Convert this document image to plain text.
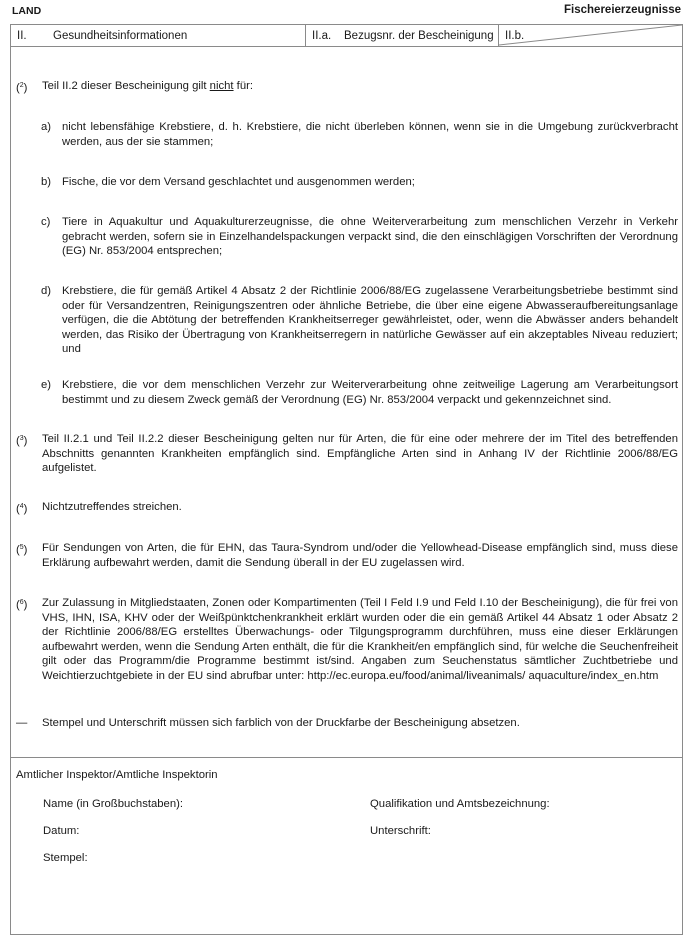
LAND	Fischereierzeugnisse
II.	Gesundheitsinformationen	II.a.	Bezugsnr. der Bescheinigung II.b.
($^2$)	Teil II.2 dieser Bescheinigung gilt nicht für:
a) nicht lebensfähige Krebstiere, d. h. Krebstiere, die nicht überleben können, wenn sie in die Umgebung zurückverbracht werden, aus der sie stammen;
b) Fische, die vor dem Versand geschlachtet und ausgenommen werden;
c)	Tiere in Aquakultur und Aquakulturerzeugnisse, die ohne Weiterverarbeitung zum menschlichen Verzehr in Verkehr gebracht werden, sofern sie in Einzelhandelspackungen verpackt sind, die den einschlägigen Vorschriften der Verordnung (EG) Nr. 853/2004 entsprechen;
d) Krebstiere, die für gemäß Artikel 4 Absatz 2 der Richtlinie 2006/88/EG zugelassene Verarbeitungsbetriebe bestimmt sind oder für Versandzentren, Reinigungszentren oder ähnliche Betriebe, die über eine eigene Abwasseraufbereitungsanlage verfügen, die die Abtötung der betreffenden Krankheitserreger gewährleistet, oder, wenn die Abwässer anders behandelt werden, das Risiko der Übertragung von Krankheitserregern in natürliche Gewässer auf ein akzeptables Niveau reduziert; und
e) Krebstiere, die vor dem menschlichen Verzehr zur Weiterverarbeitung ohne zeitweilige Lagerung am Verarbeitungsort bestimmt und zu diesem Zweck gemäß der Verordnung (EG) Nr. 853/2004 verpackt und gekennzeichnet sind.
($^3$)	Teil II.2.1 und Teil II.2.2 dieser Bescheinigung gelten nur für Arten, die für eine oder mehrere der im Titel des betreffenden Abschnitts genannten Krankheiten empfänglich sind. Empfängliche Arten sind in Anhang IV der Richtlinie 2006/88/EG aufgelistet.
($^4$)	Nichtzutreffendes streichen.
($^5$)	Für Sendungen von Arten, die für EHN, das Taura-Syndrom und/oder die Yellowhead-Disease empfänglich sind, muss diese Erklärung aufbewahrt werden, damit die Sendung überall in der EU zugelassen wird.
($^6$)	Zur Zulassung in Mitgliedstaaten, Zonen oder Kompartimenten (Teil I Feld I.9 und Feld I.10 der Bescheinigung), die für frei von VHS, IHN, ISA, KHV oder der Weißpünktchenkrankheit erklärt wurden oder die ein gemäß Artikel 44 Absatz 1 oder Absatz 2 der Richtlinie 2006/88/EG erstelltes Überwachungs- oder Tilgungsprogramm durchführen, muss eine dieser Erklärungen aufbewahrt werden, wenn die Sendung Arten enthält, die für die Krankheit/en empfänglich sind, für welche die Seuchenfreiheit gilt oder das Programm/die Programme bestimmt ist/sind. Angaben zum Seuchenstatus sämtlicher Zuchtbetriebe und Weichtierzuchtgebiete in der EU sind abrufbar unter: http://ec.europa.eu/food/animal/liveanimals/ aquaculture/index_en.htm
—	Stempel und Unterschrift müssen sich farblich von der Druckfarbe der Bescheinigung absetzen.
Amtlicher Inspektor/Amtliche Inspektorin
Name (in Großbuchstaben):	Qualifikation und Amtsbezeichnung:
Datum:	Unterschrift:
Stempel:
